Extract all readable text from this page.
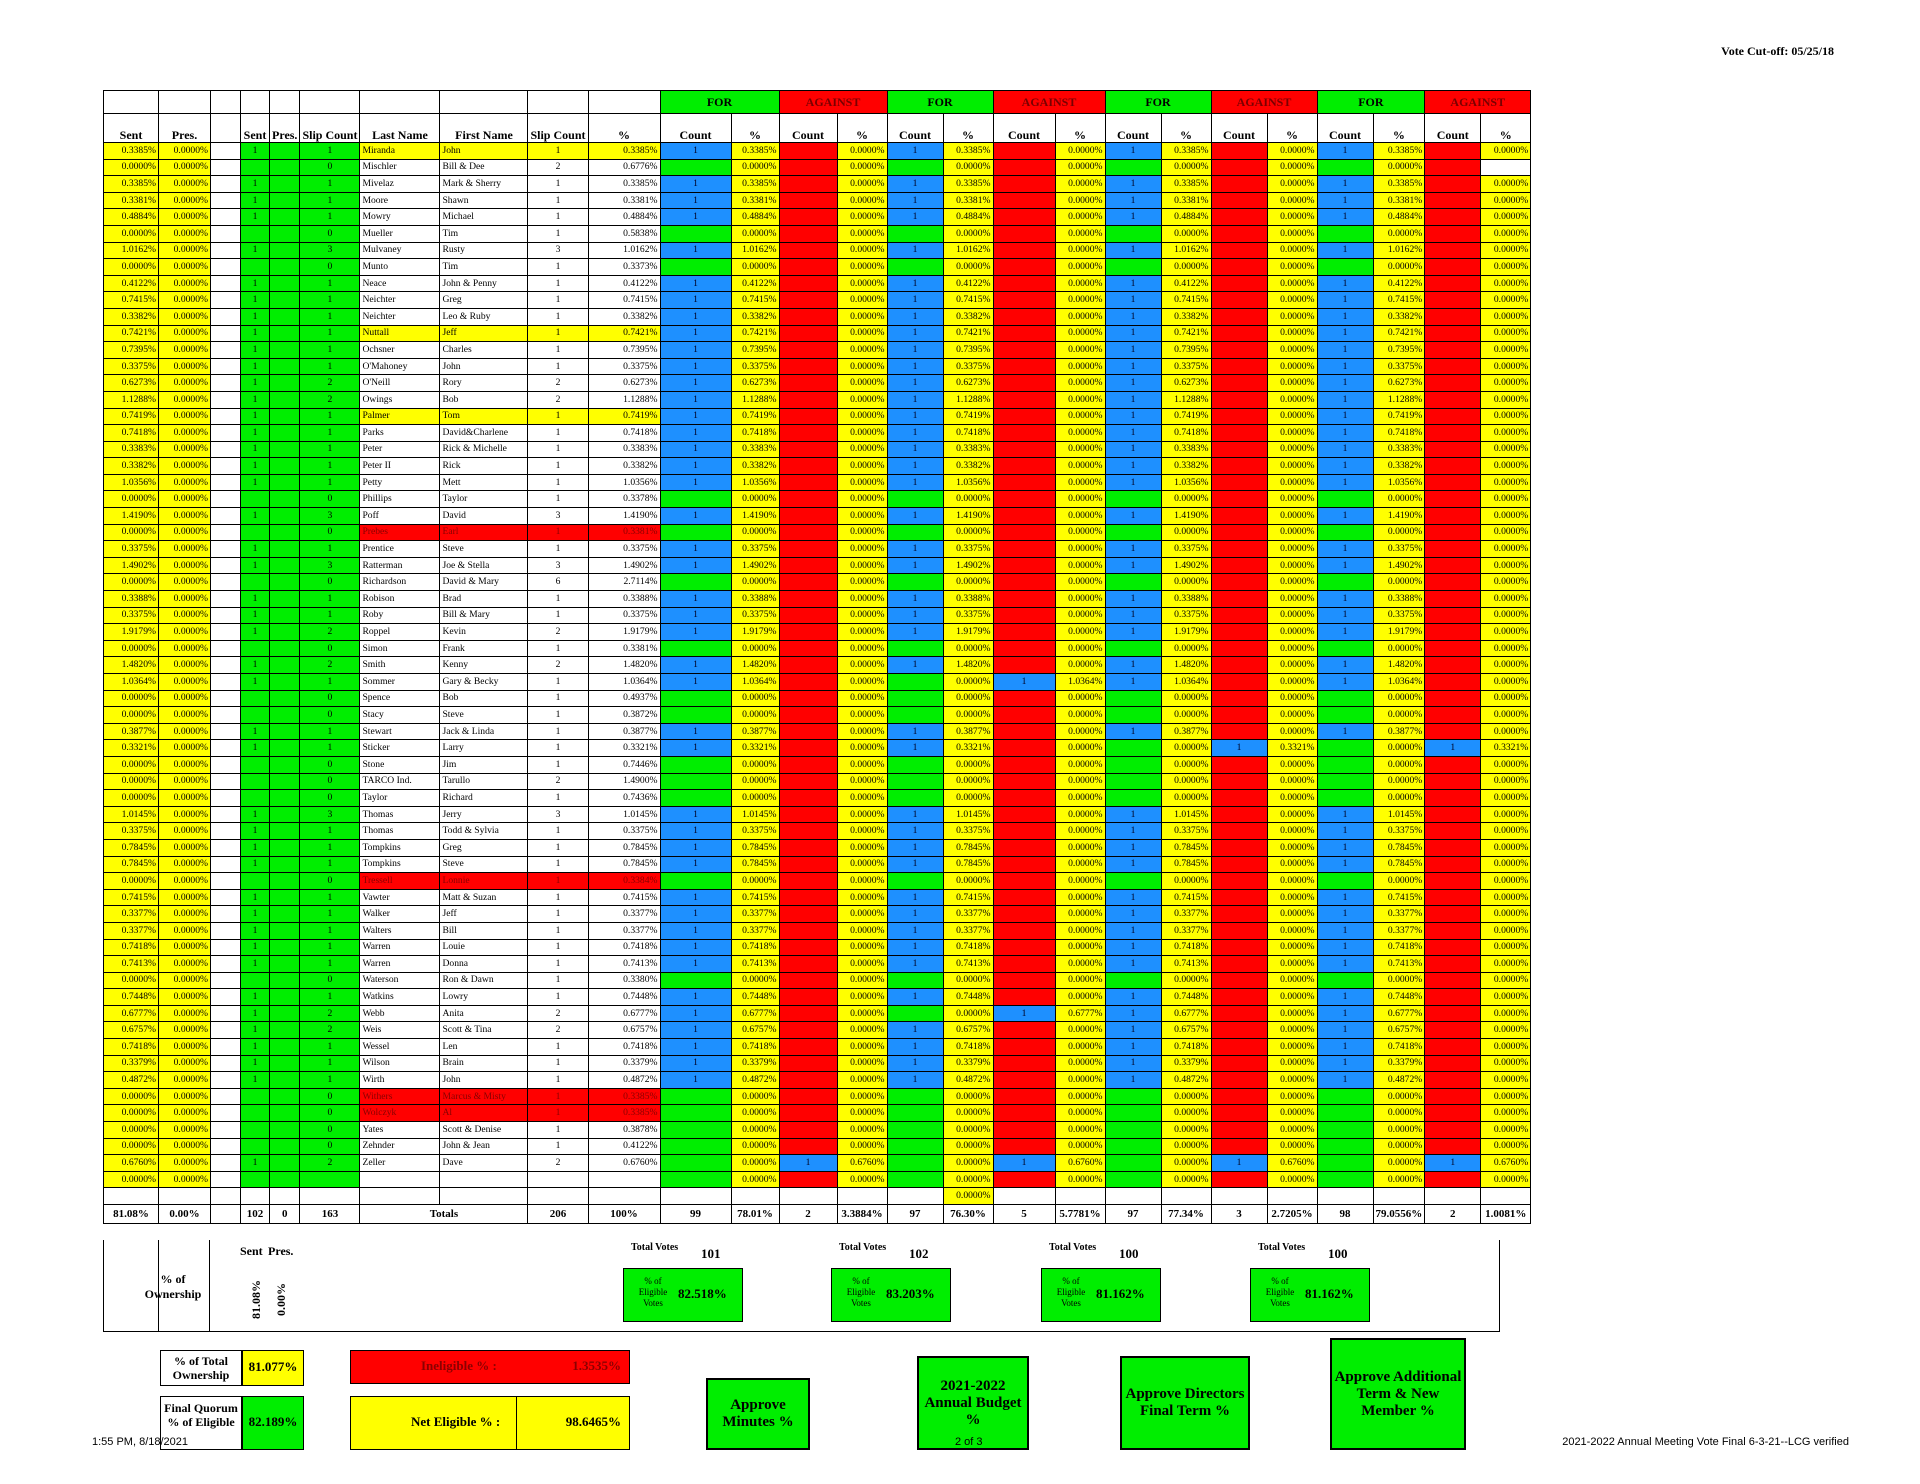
Vote Cut-off: 05/25/18
										FOR		AGAINST		FOR		AGAINST		FOR		AGAINST		FOR		AGAINST	
Sent	Pres.		Sent	Pres.	Slip Count	Last Name	First Name	Slip Count	%	Count	%	Count	%	Count	%	Count	%	Count	%	Count	%	Count	%	Count	%
0.3385%	0.0000%		1		1	Miranda	John	1	0.3385%	1	0.3385%		0.0000%	1	0.3385%		0.0000%	1	0.3385%		0.0000%	1	0.3385%		0.0000%
0.0000%	0.0000%				0	Mischler	Bill & Dee	2	0.6776%		0.0000%		0.0000%		0.0000%		0.0000%		0.0000%		0.0000%		0.0000%		
0.3385%	0.0000%		1		1	Mivelaz	Mark & Sherry	1	0.3385%	1	0.3385%		0.0000%	1	0.3385%		0.0000%	1	0.3385%		0.0000%	1	0.3385%		0.0000%
0.3381%	0.0000%		1		1	Moore	Shawn	1	0.3381%	1	0.3381%		0.0000%	1	0.3381%		0.0000%	1	0.3381%		0.0000%	1	0.3381%		0.0000%
0.4884%	0.0000%		1		1	Mowry	Michael	1	0.4884%	1	0.4884%		0.0000%	1	0.4884%		0.0000%	1	0.4884%		0.0000%	1	0.4884%		0.0000%
0.0000%	0.0000%				0	Mueller	Tim	1	0.5838%		0.0000%		0.0000%		0.0000%		0.0000%		0.0000%		0.0000%		0.0000%		0.0000%
1.0162%	0.0000%		1		3	Mulvaney	Rusty	3	1.0162%	1	1.0162%		0.0000%	1	1.0162%		0.0000%	1	1.0162%		0.0000%	1	1.0162%		0.0000%
0.0000%	0.0000%				0	Munto	Tim	1	0.3373%		0.0000%		0.0000%		0.0000%		0.0000%		0.0000%		0.0000%		0.0000%		0.0000%
0.4122%	0.0000%		1		1	Neace	John & Penny	1	0.4122%	1	0.4122%		0.0000%	1	0.4122%		0.0000%	1	0.4122%		0.0000%	1	0.4122%		0.0000%
0.7415%	0.0000%		1		1	Neichter	Greg	1	0.7415%	1	0.7415%		0.0000%	1	0.7415%		0.0000%	1	0.7415%		0.0000%	1	0.7415%		0.0000%
0.3382%	0.0000%		1		1	Neichter	Leo & Ruby	1	0.3382%	1	0.3382%		0.0000%	1	0.3382%		0.0000%	1	0.3382%		0.0000%	1	0.3382%		0.0000%
0.7421%	0.0000%		1		1	Nuttall	Jeff	1	0.7421%	1	0.7421%		0.0000%	1	0.7421%		0.0000%	1	0.7421%		0.0000%	1	0.7421%		0.0000%
0.7395%	0.0000%		1		1	Ochsner	Charles	1	0.7395%	1	0.7395%		0.0000%	1	0.7395%		0.0000%	1	0.7395%		0.0000%	1	0.7395%		0.0000%
0.3375%	0.0000%		1		1	O'Mahoney	John	1	0.3375%	1	0.3375%		0.0000%	1	0.3375%		0.0000%	1	0.3375%		0.0000%	1	0.3375%		0.0000%
0.6273%	0.0000%		1		2	O'Neill	Rory	2	0.6273%	1	0.6273%		0.0000%	1	0.6273%		0.0000%	1	0.6273%		0.0000%	1	0.6273%		0.0000%
1.1288%	0.0000%		1		2	Owings	Bob	2	1.1288%	1	1.1288%		0.0000%	1	1.1288%		0.0000%	1	1.1288%		0.0000%	1	1.1288%		0.0000%
0.7419%	0.0000%		1		1	Palmer	Tom	1	0.7419%	1	0.7419%		0.0000%	1	0.7419%		0.0000%	1	0.7419%		0.0000%	1	0.7419%		0.0000%
0.7418%	0.0000%		1		1	Parks	David&Charlene	1	0.7418%	1	0.7418%		0.0000%	1	0.7418%		0.0000%	1	0.7418%		0.0000%	1	0.7418%		0.0000%
0.3383%	0.0000%		1		1	Peter	Rick & Michelle	1	0.3383%	1	0.3383%		0.0000%	1	0.3383%		0.0000%	1	0.3383%		0.0000%	1	0.3383%		0.0000%
0.3382%	0.0000%		1		1	Peter II	Rick	1	0.3382%	1	0.3382%		0.0000%	1	0.3382%		0.0000%	1	0.3382%		0.0000%	1	0.3382%		0.0000%
1.0356%	0.0000%		1		1	Petty	Mett	1	1.0356%	1	1.0356%		0.0000%	1	1.0356%		0.0000%	1	1.0356%		0.0000%	1	1.0356%		0.0000%
0.0000%	0.0000%				0	Phillips	Taylor	1	0.3378%		0.0000%		0.0000%		0.0000%		0.0000%		0.0000%		0.0000%		0.0000%		0.0000%
1.4190%	0.0000%		1		3	Poff	David	3	1.4190%	1	1.4190%		0.0000%	1	1.4190%		0.0000%	1	1.4190%		0.0000%	1	1.4190%		0.0000%
0.0000%	0.0000%				0	Prebes	Earl	1	0.3381%		0.0000%		0.0000%		0.0000%		0.0000%		0.0000%		0.0000%		0.0000%		0.0000%
0.3375%	0.0000%		1		1	Prentice	Steve	1	0.3375%	1	0.3375%		0.0000%	1	0.3375%		0.0000%	1	0.3375%		0.0000%	1	0.3375%		0.0000%
1.4902%	0.0000%		1		3	Ratterman	Joe & Stella	3	1.4902%	1	1.4902%		0.0000%	1	1.4902%		0.0000%	1	1.4902%		0.0000%	1	1.4902%		0.0000%
0.0000%	0.0000%				0	Richardson	David & Mary	6	2.7114%		0.0000%		0.0000%		0.0000%		0.0000%		0.0000%		0.0000%		0.0000%		0.0000%
0.3388%	0.0000%		1		1	Robison	Brad	1	0.3388%	1	0.3388%		0.0000%	1	0.3388%		0.0000%	1	0.3388%		0.0000%	1	0.3388%		0.0000%
0.3375%	0.0000%		1		1	Roby	Bill & Mary	1	0.3375%	1	0.3375%		0.0000%	1	0.3375%		0.0000%	1	0.3375%		0.0000%	1	0.3375%		0.0000%
1.9179%	0.0000%		1		2	Roppel	Kevin	2	1.9179%	1	1.9179%		0.0000%	1	1.9179%		0.0000%	1	1.9179%		0.0000%	1	1.9179%		0.0000%
0.0000%	0.0000%				0	Simon	Frank	1	0.3381%		0.0000%		0.0000%		0.0000%		0.0000%		0.0000%		0.0000%		0.0000%		0.0000%
1.4820%	0.0000%		1		2	Smith	Kenny	2	1.4820%	1	1.4820%		0.0000%	1	1.4820%		0.0000%	1	1.4820%		0.0000%	1	1.4820%		0.0000%
1.0364%	0.0000%		1		1	Sommer	Gary & Becky	1	1.0364%	1	1.0364%		0.0000%		0.0000%	1	1.0364%	1	1.0364%		0.0000%	1	1.0364%		0.0000%
0.0000%	0.0000%				0	Spence	Bob	1	0.4937%		0.0000%		0.0000%		0.0000%		0.0000%		0.0000%		0.0000%		0.0000%		0.0000%
0.0000%	0.0000%				0	Stacy	Steve	1	0.3872%		0.0000%		0.0000%		0.0000%		0.0000%		0.0000%		0.0000%		0.0000%		0.0000%
0.3877%	0.0000%		1		1	Stewart	Jack & Linda	1	0.3877%	1	0.3877%		0.0000%	1	0.3877%		0.0000%	1	0.3877%		0.0000%	1	0.3877%		0.0000%
0.3321%	0.0000%		1		1	Sticker	Larry	1	0.3321%	1	0.3321%		0.0000%	1	0.3321%		0.0000%		0.0000%	1	0.3321%		0.0000%	1	0.3321%
0.0000%	0.0000%				0	Stone	Jim	1	0.7446%		0.0000%		0.0000%		0.0000%		0.0000%		0.0000%		0.0000%		0.0000%		0.0000%
0.0000%	0.0000%				0	TARCO Ind.	Tarullo	2	1.4900%		0.0000%		0.0000%		0.0000%		0.0000%		0.0000%		0.0000%		0.0000%		0.0000%
0.0000%	0.0000%				0	Taylor	Richard	1	0.7436%		0.0000%		0.0000%		0.0000%		0.0000%		0.0000%		0.0000%		0.0000%		0.0000%
1.0145%	0.0000%		1		3	Thomas	Jerry	3	1.0145%	1	1.0145%		0.0000%	1	1.0145%		0.0000%	1	1.0145%		0.0000%	1	1.0145%		0.0000%
0.3375%	0.0000%		1		1	Thomas	Todd & Sylvia	1	0.3375%	1	0.3375%		0.0000%	1	0.3375%		0.0000%	1	0.3375%		0.0000%	1	0.3375%		0.0000%
0.7845%	0.0000%		1		1	Tompkins	Greg	1	0.7845%	1	0.7845%		0.0000%	1	0.7845%		0.0000%	1	0.7845%		0.0000%	1	0.7845%		0.0000%
0.7845%	0.0000%		1		1	Tompkins	Steve	1	0.7845%	1	0.7845%		0.0000%	1	0.7845%		0.0000%	1	0.7845%		0.0000%	1	0.7845%		0.0000%
0.0000%	0.0000%				0	Tressell	Lonnie	1	0.3384%		0.0000%		0.0000%		0.0000%		0.0000%		0.0000%		0.0000%		0.0000%		0.0000%
0.7415%	0.0000%		1		1	Vawter	Matt & Suzan	1	0.7415%	1	0.7415%		0.0000%	1	0.7415%		0.0000%	1	0.7415%		0.0000%	1	0.7415%		0.0000%
0.3377%	0.0000%		1		1	Walker	Jeff	1	0.3377%	1	0.3377%		0.0000%	1	0.3377%		0.0000%	1	0.3377%		0.0000%	1	0.3377%		0.0000%
0.3377%	0.0000%		1		1	Walters	Bill	1	0.3377%	1	0.3377%		0.0000%	1	0.3377%		0.0000%	1	0.3377%		0.0000%	1	0.3377%		0.0000%
0.7418%	0.0000%		1		1	Warren	Louie	1	0.7418%	1	0.7418%		0.0000%	1	0.7418%		0.0000%	1	0.7418%		0.0000%	1	0.7418%		0.0000%
0.7413%	0.0000%		1		1	Warren	Donna	1	0.7413%	1	0.7413%		0.0000%	1	0.7413%		0.0000%	1	0.7413%		0.0000%	1	0.7413%		0.0000%
0.0000%	0.0000%				0	Waterson	Ron & Dawn	1	0.3380%		0.0000%		0.0000%		0.0000%		0.0000%		0.0000%		0.0000%		0.0000%		0.0000%
0.7448%	0.0000%		1		1	Watkins	Lowry	1	0.7448%	1	0.7448%		0.0000%	1	0.7448%		0.0000%	1	0.7448%		0.0000%	1	0.7448%		0.0000%
0.6777%	0.0000%		1		2	Webb	Anita	2	0.6777%	1	0.6777%		0.0000%		0.0000%	1	0.6777%	1	0.6777%		0.0000%	1	0.6777%		0.0000%
0.6757%	0.0000%		1		2	Weis	Scott & Tina	2	0.6757%	1	0.6757%		0.0000%	1	0.6757%		0.0000%	1	0.6757%		0.0000%	1	0.6757%		0.0000%
0.7418%	0.0000%		1		1	Wessel	Len	1	0.7418%	1	0.7418%		0.0000%	1	0.7418%		0.0000%	1	0.7418%		0.0000%	1	0.7418%		0.0000%
0.3379%	0.0000%		1		1	Wilson	Brain	1	0.3379%	1	0.3379%		0.0000%	1	0.3379%		0.0000%	1	0.3379%		0.0000%	1	0.3379%		0.0000%
0.4872%	0.0000%		1		1	Wirth	John	1	0.4872%	1	0.4872%		0.0000%	1	0.4872%		0.0000%	1	0.4872%		0.0000%	1	0.4872%		0.0000%
0.0000%	0.0000%				0	Withers	Marcus & Misty	1	0.3385%		0.0000%		0.0000%		0.0000%		0.0000%		0.0000%		0.0000%		0.0000%		0.0000%
0.0000%	0.0000%				0	Wolczyk	Al	1	0.3385%		0.0000%		0.0000%		0.0000%		0.0000%		0.0000%		0.0000%		0.0000%		0.0000%
0.0000%	0.0000%				0	Yates	Scott & Denise	1	0.3878%		0.0000%		0.0000%		0.0000%		0.0000%		0.0000%		0.0000%		0.0000%		0.0000%
0.0000%	0.0000%				0	Zehnder	John & Jean	1	0.4122%		0.0000%		0.0000%		0.0000%		0.0000%		0.0000%		0.0000%		0.0000%		0.0000%
0.6760%	0.0000%		1		2	Zeller	Dave	2	0.6760%		0.0000%	1	0.6760%		0.0000%	1	0.6760%		0.0000%	1	0.6760%		0.0000%	1	0.6760%
0.0000%	0.0000%										0.0000%		0.0000%		0.0000%		0.0000%		0.0000%		0.0000%		0.0000%		0.0000%
															0.0000%										
81.08%	0.00%		102	0	163	Totals		206	100%	99	78.01%	2	3.3884%	97	76.30%	5	5.7781%	97	77.34%	3	2.7205%	98	79.0556%	2	1.0081%
% of Ownership
Sent Pres.
81.08% 0.00%
Total Votes	101
% of Eligible Votes
82.518%
Total Votes	102
% of Eligible Votes
83.203%
Total Votes	100
% of Eligible Votes
81.162%
Total Votes	100
% of Eligible Votes
81.162%
% of Total Ownership
81.077%
Final Quorum % of Eligible	82.189%
Ineligible % :	1.3535%
Net Eligible % :	98.6465%
Approve Minutes %
2021-2022 Annual Budget %
Approve Directors Final Term %
Approve Additional Term & New Member %
1:55 PM, 8/18/2021	2 of 3	2021-2022 Annual Meeting Vote Final 6-3-21--LCG verified
